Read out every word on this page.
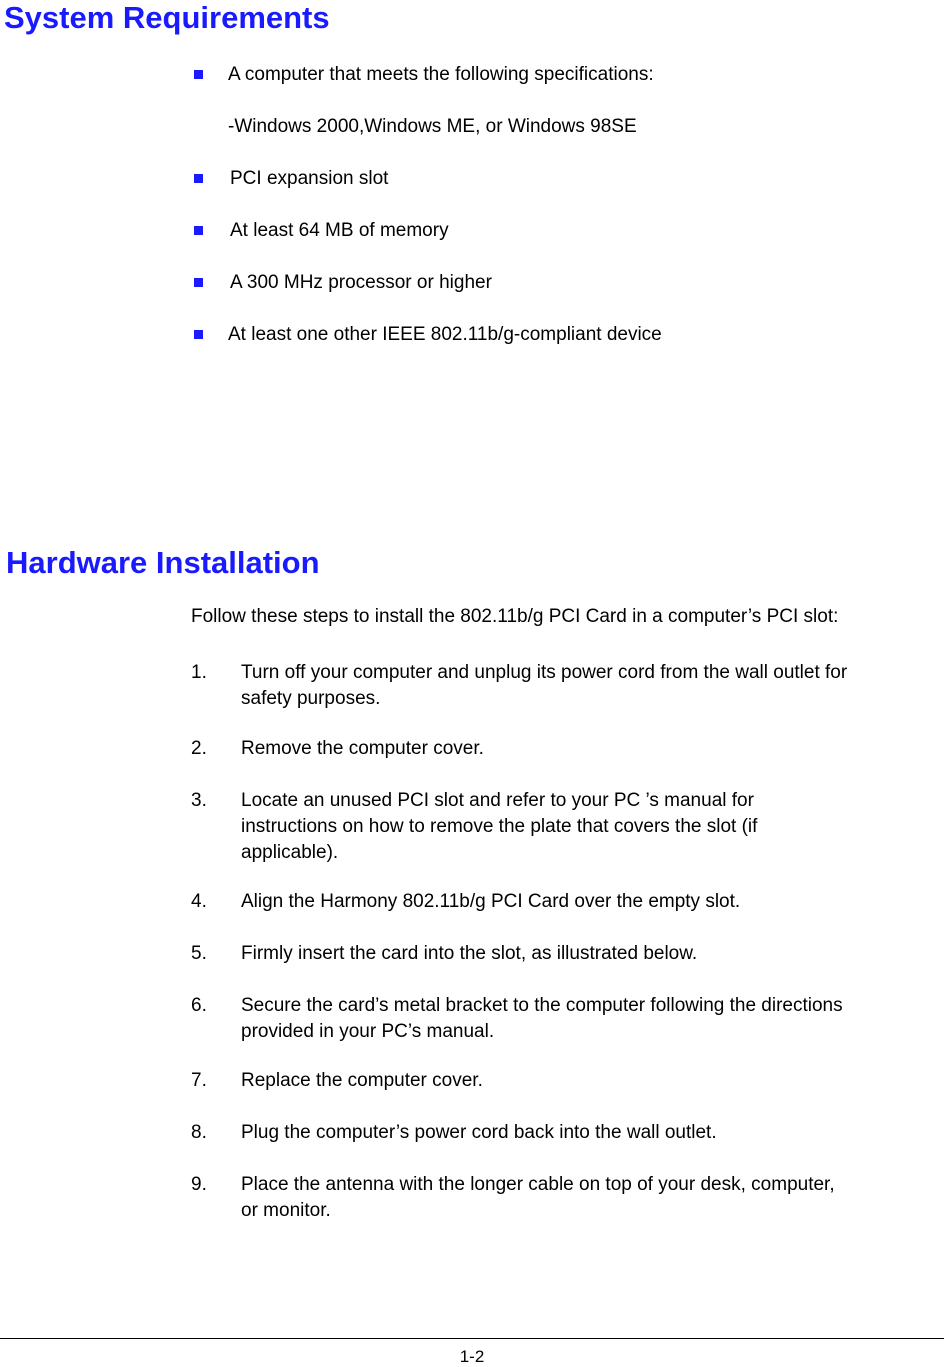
System Requirements
A computer that meets the following specifications:
-Windows 2000,Windows ME, or Windows 98SE
PCI expansion slot
At least 64 MB of memory
A 300 MHz processor or higher
At least one other IEEE 802.11b/g-compliant device
Hardware Installation
Follow these steps to install the 802.11b/g PCI Card in a computer’s PCI slot:
1. Turn off your computer and unplug its power cord from the wall outlet for
safety purposes.
2. Remove the computer cover.
3. Locate an unused PCI slot and refer to your PC ’s manual for
instructions on how to remove the plate that covers the slot (if
applicable).
4. Align the Harmony 802.11b/g PCI Card over the empty slot.
5. Firmly insert the card into the slot, as illustrated below.
6. Secure the card’s metal bracket to the computer following the directions
provided in your PC’s manual.
7. Replace the computer cover.
8. Plug the computer’s power cord back into the wall outlet.
9. Place the antenna with the longer cable on top of your desk, computer,
or monitor.
1-2
